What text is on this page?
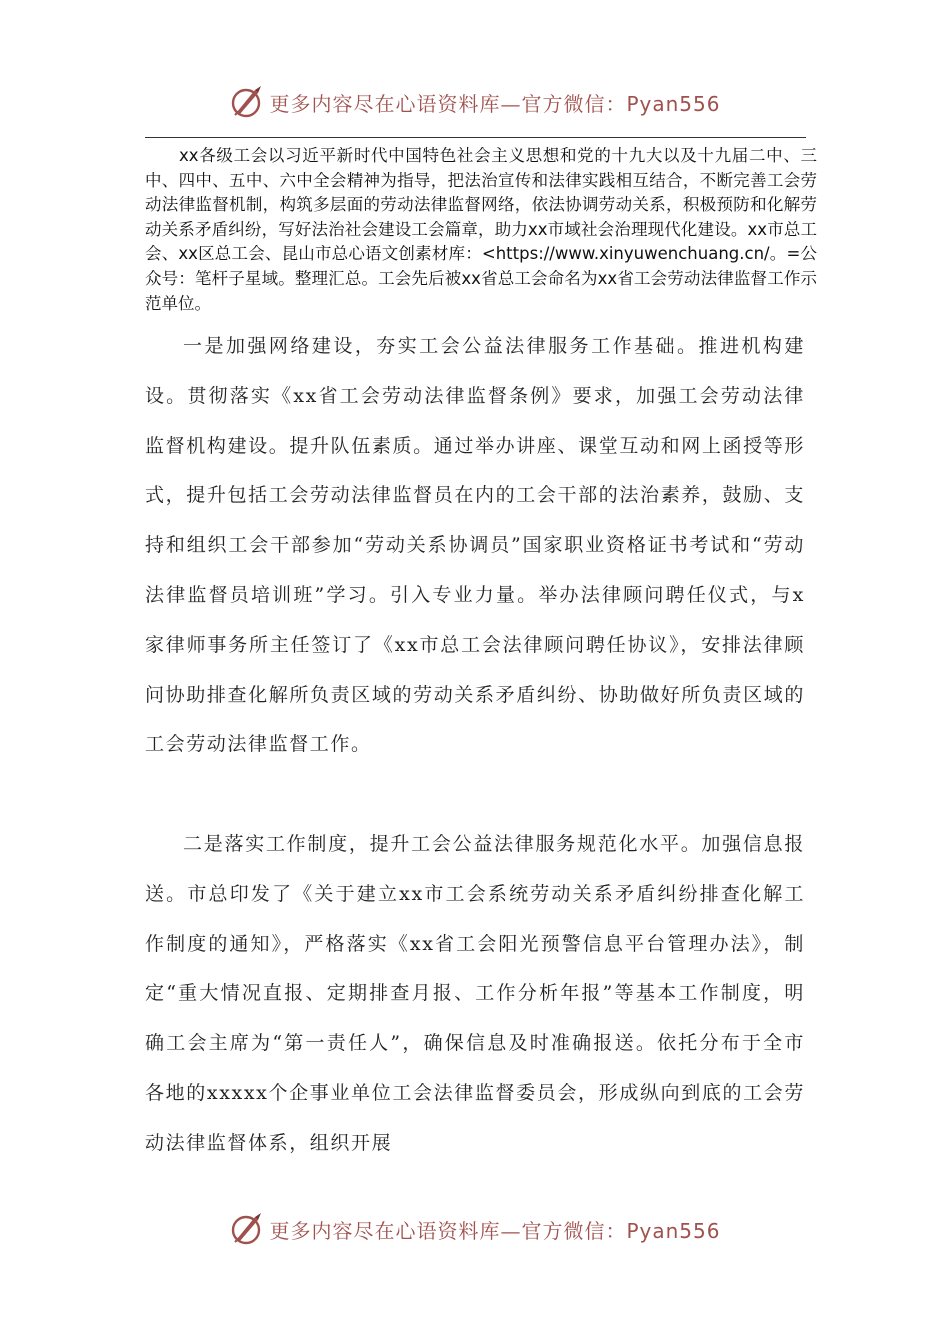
更多内容尽在心语资料库—官方微信：Pyan556

xx各级工会以习近平新时代中国特色社会主义思想和党的十九大以及十九届二中、三中、四中、五中、六中全会精神为指导，把法治宣传和法律实践相互结合，不断完善工会劳动法律监督机制，构筑多层面的劳动法律监督网络，依法协调劳动关系，积极预防和化解劳动关系矛盾纠纷，写好法治社会建设工会篇章，助力xx市域社会治理现代化建设。xx市总工会、xx区总工会、昆山市总心语文创素材库：<https://www.xinyuwenchuang.cn/。=公众号：笔杆子星域。整理汇总。工会先后被xx省总工会命名为xx省工会劳动法律监督工作示范单位。

一是加强网络建设，夯实工会公益法律服务工作基础。推进机构建设。贯彻落实《xx省工会劳动法律监督条例》要求，加强工会劳动法律监督机构建设。提升队伍素质。通过举办讲座、课堂互动和网上函授等形式，提升包括工会劳动法律监督员在内的工会干部的法治素养，鼓励、支持和组织工会干部参加“劳动关系协调员”国家职业资格证书考试和“劳动法律监督员培训班”学习。引入专业力量。举办法律顾问聘任仪式，与x家律师事务所主任签订了《xx市总工会法律顾问聘任协议》，安排法律顾问协助排查化解所负责区域的劳动关系矛盾纠纷、协助做好所负责区域的工会劳动法律监督工作。

二是落实工作制度，提升工会公益法律服务规范化水平。加强信息报送。市总印发了《关于建立xx市工会系统劳动关系矛盾纠纷排查化解工作制度的通知》，严格落实《xx省工会阳光预警信息平台管理办法》，制定“重大情况直报、定期排查月报、工作分析年报”等基本工作制度，明确工会主席为“第一责任人”，确保信息及时准确报送。依托分布于全市各地的xxxxx个企事业单位工会法律监督委员会，形成纵向到底的工会劳动法律监督体系，组织开展

更多内容尽在心语资料库—官方微信：Pyan556
